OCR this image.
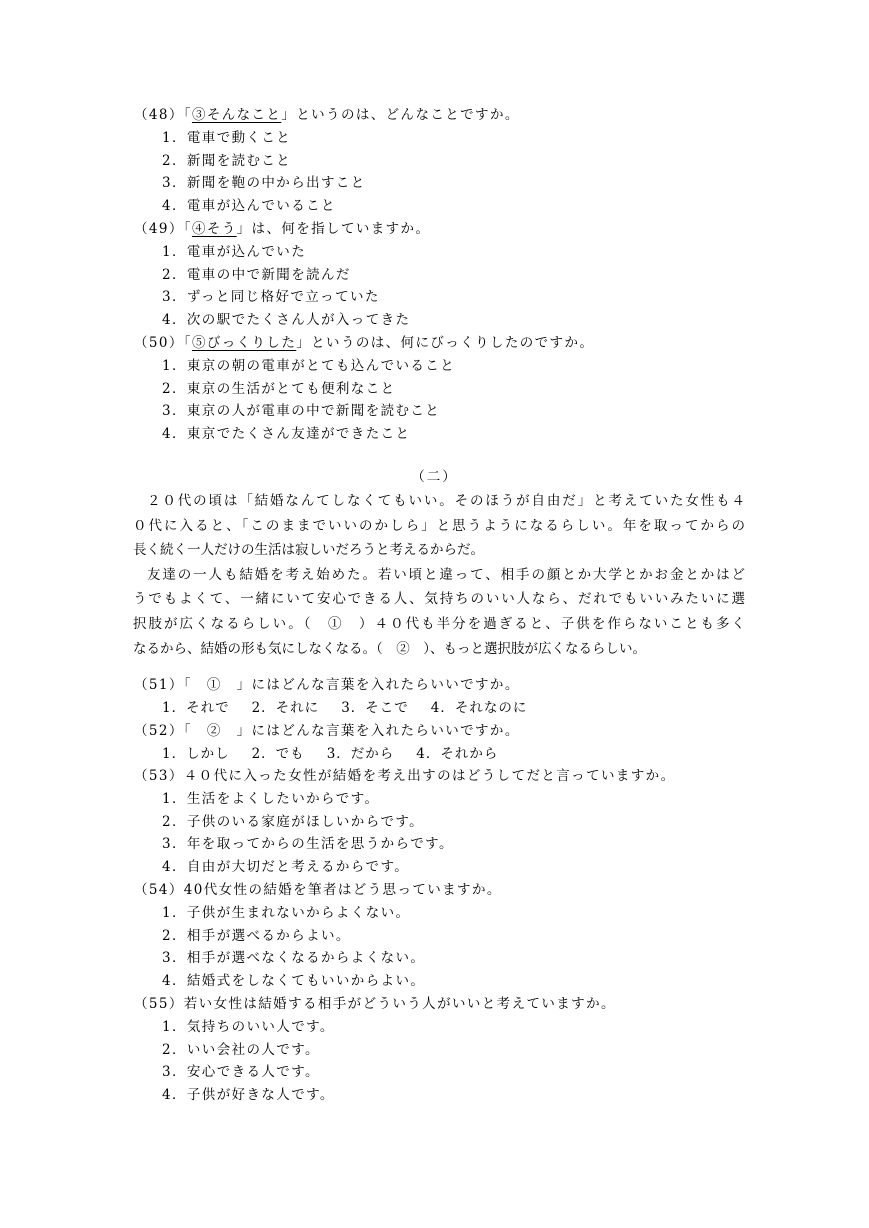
（48）「③そんなこと」というのは、どんなことですか。
1．電車で動くこと
2．新聞を読むこと
3．新聞を鞄の中から出すこと
4．電車が込んでいること
（49）「④そう」は、何を指していますか。
1．電車が込んでいた
2．電車の中で新聞を読んだ
3．ずっと同じ格好で立っていた
4．次の駅でたくさん人が入ってきた
（50）「⑤びっくりした」というのは、何にびっくりしたのですか。
1．東京の朝の電車がとても込んでいること
2．東京の生活がとても便利なこと
3．東京の人が電車の中で新聞を読むこと
4．東京でたくさん友達ができたこと
（二）
２０代の頃は「結婚なんてしなくてもいい。そのほうが自由だ」と考えていた女性も４
０代に入ると、「このままでいいのかしら」と思うようになるらしい。年を取ってからの
長く続く一人だけの生活は寂しいだろうと考えるからだ。
友達の一人も結婚を考え始めた。若い頃と違って、相手の顔とか大学とかお金とかはど
うでもよくて、一緒にいて安心できる人、気持ちのいい人なら、だれでもいいみたいに選
択肢が広くなるらしい。（　①　）４０代も半分を過ぎると、子供を作らないことも多く
なるから、結婚の形も気にしなくなる。（　②　）、もっと選択肢が広くなるらしい。
（51）「　①　」にはどんな言葉を入れたらいいですか。
1．それで 2．それに 3．そこで 4．それなのに
（52）「　②　」にはどんな言葉を入れたらいいですか。
1．しかし 2．でも 3．だから 4．それから
（53）４０代に入った女性が結婚を考え出すのはどうしてだと言っていますか。
1．生活をよくしたいからです。
2．子供のいる家庭がほしいからです。
3．年を取ってからの生活を思うからです。
4．自由が大切だと考えるからです。
（54）40代女性の結婚を筆者はどう思っていますか。
1．子供が生まれないからよくない。
2．相手が選べるからよい。
3．相手が選べなくなるからよくない。
4．結婚式をしなくてもいいからよい。
（55）若い女性は結婚する相手がどういう人がいいと考えていますか。
1．気持ちのいい人です。
2．いい会社の人です。
3．安心できる人です。
4．子供が好きな人です。
